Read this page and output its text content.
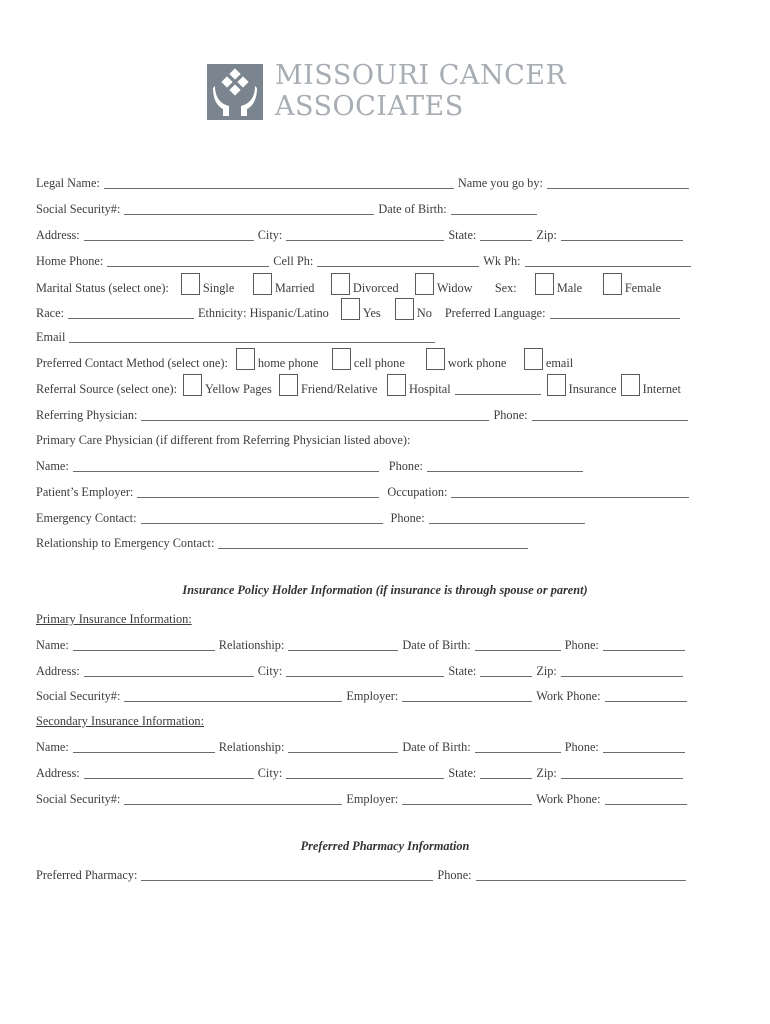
MISSOURI CANCER
ASSOCIATES
Legal Name:	Name you go by:
Social Security#:	Date of Birth:
Address:	City:	State:	Zip:
Home Phone:	Cell Ph:	Wk Ph:
Marital Status (select one):	Single	Married	Divorced	Widow	Sex:	Male	Female
Race:	Ethnicity: Hispanic/Latino	Yes	No	Preferred Language:
Email
Preferred Contact Method (select one): home phone	cell phone	work phone	email
Referral Source (select one): Yellow Pages	Friend/Relative	Hospital	Insurance	Internet
Referring Physician:	Phone:
Primary Care Physician (if different from Referring Physician listed above):
Name:	Phone:
Patient’s Employer:	Occupation:
Emergency Contact:	Phone:
Relationship to Emergency Contact:
Insurance Policy Holder Information (if insurance is through spouse or parent)
Primary Insurance Information:
Name:	Relationship:	Date of Birth:	Phone:
Address:	City:	State:	Zip:
Social Security#:	Employer:	Work Phone:
Secondary Insurance Information:
Name:	Relationship:	Date of Birth:	Phone:
Address:	City:	State:	Zip:
Social Security#:	Employer:	Work Phone:
Preferred Pharmacy Information
Preferred Pharmacy:	Phone:
